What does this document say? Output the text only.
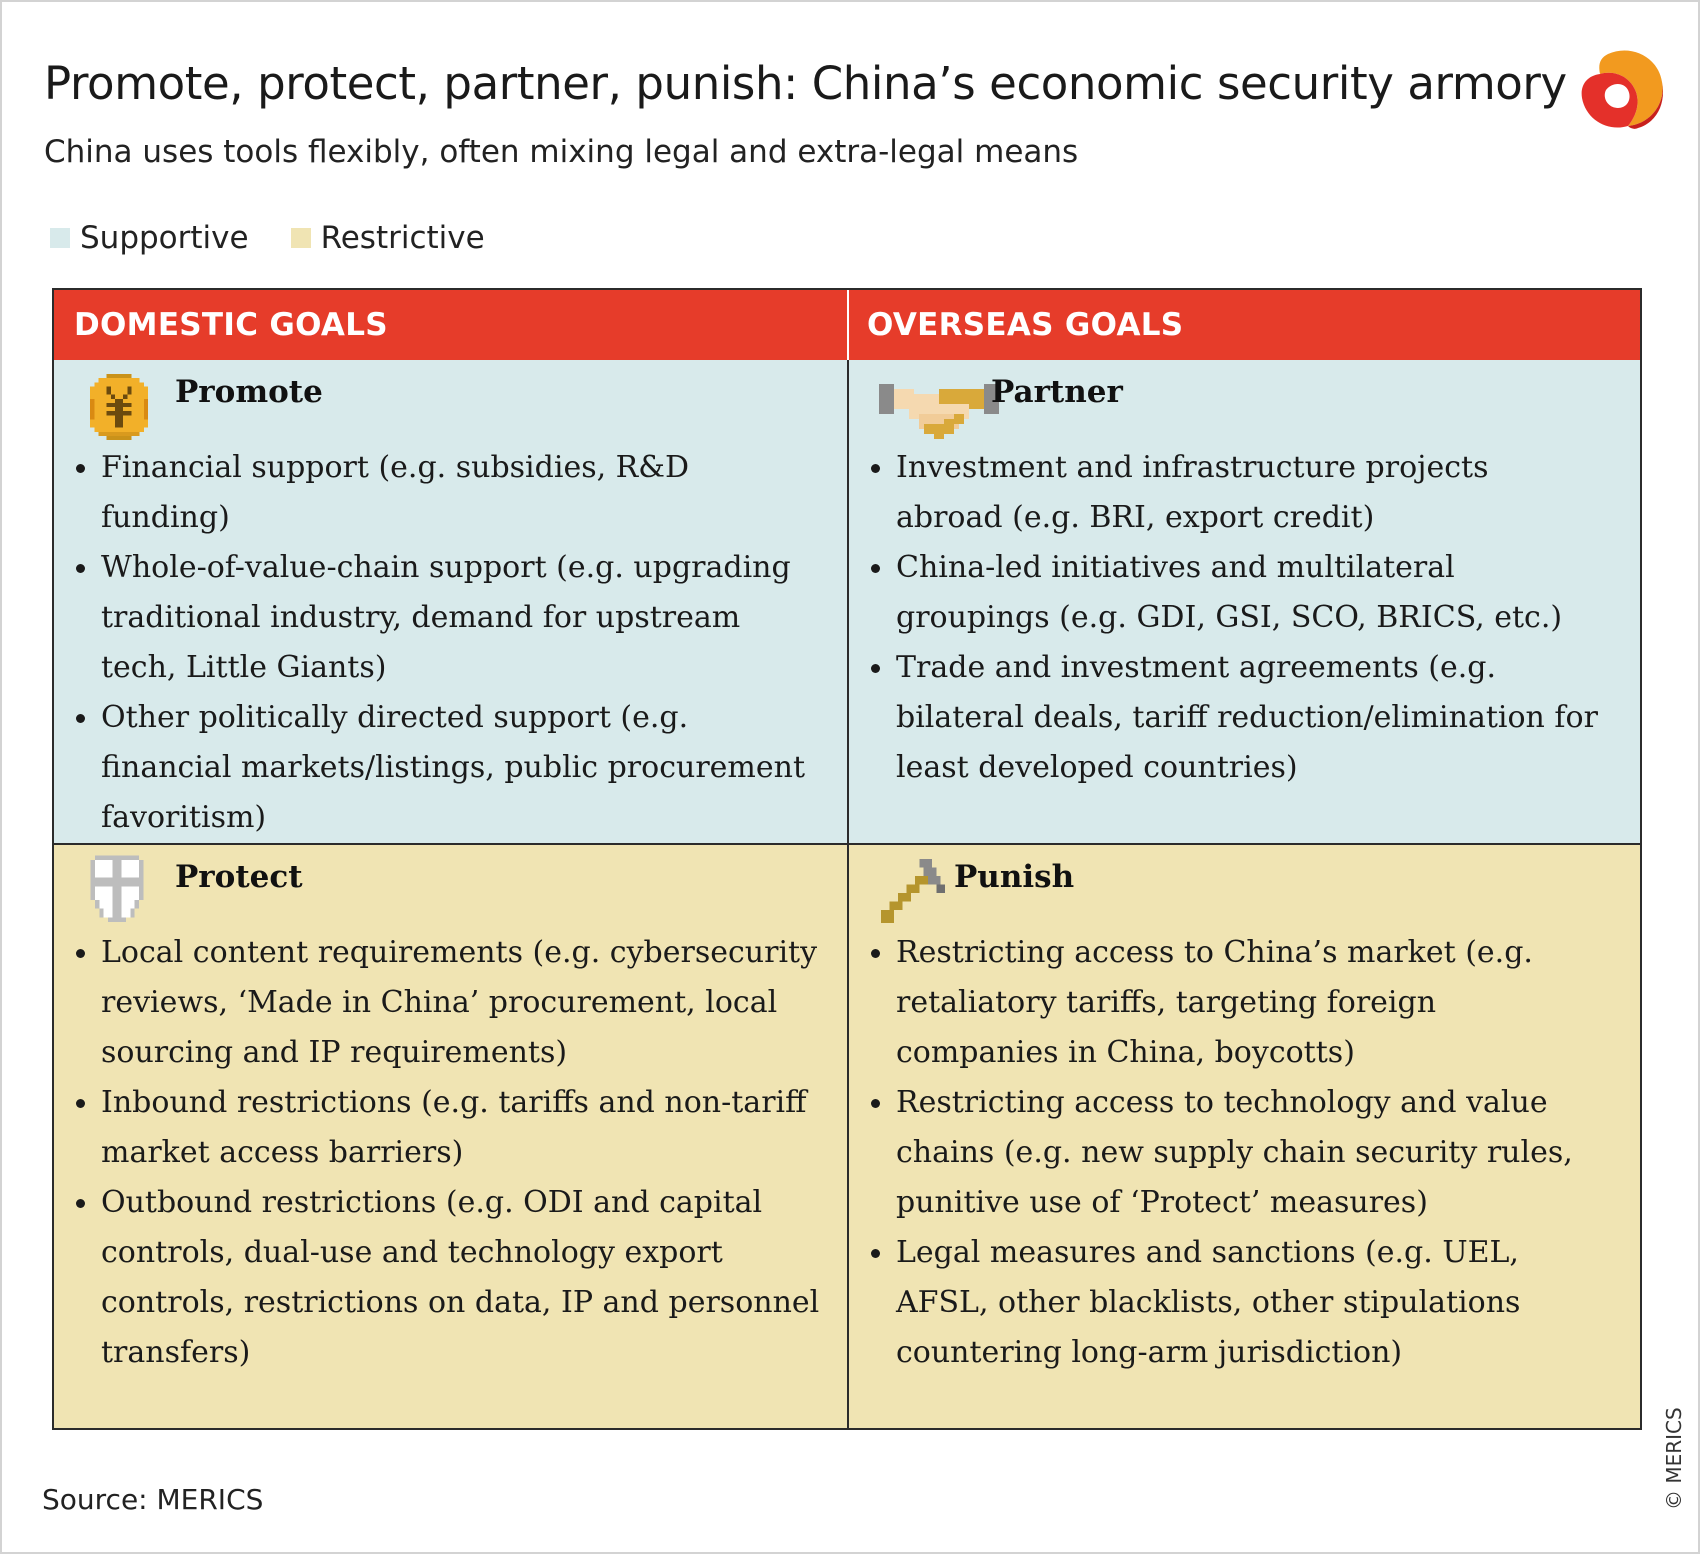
Promote, protect, partner, punish: China’s economic security armory
China uses tools flexibly, often mixing legal and extra-legal means
Supportive Restrictive
DOMESTIC GOALS	OVERSEAS GOALS
Promote
Financial support (e.g. subsidies, R&D funding)
Whole-of-value-chain support (e.g. upgrading traditional industry, demand for upstream tech, Little Giants)
Other politically directed support (e.g. financial markets/listings, public procurement favoritism)
Partner
Investment and infrastructure projects abroad (e.g. BRI, export credit)
China-led initiatives and multilateral groupings (e.g. GDI, GSI, SCO, BRICS, etc.)
Trade and investment agreements (e.g. bilateral deals, tariff reduction/elimination for least developed countries)
Protect
Local content requirements (e.g. cybersecurity reviews, ‘Made in China’ procurement, local sourcing and IP requirements)
Inbound restrictions (e.g. tariffs and non-tariff market access barriers)
Outbound restrictions (e.g. ODI and capital controls, dual-use and technology export controls, restrictions on data, IP and personnel transfers)
Punish
Restricting access to China’s market (e.g. retaliatory tariffs, targeting foreign companies in China, boycotts)
Restricting access to technology and value chains (e.g. new supply chain security rules, punitive use of ‘Protect’ measures)
Legal measures and sanctions (e.g. UEL, AFSL, other blacklists, other stipulations countering long-arm jurisdiction)
Source: MERICS	© MERICS
